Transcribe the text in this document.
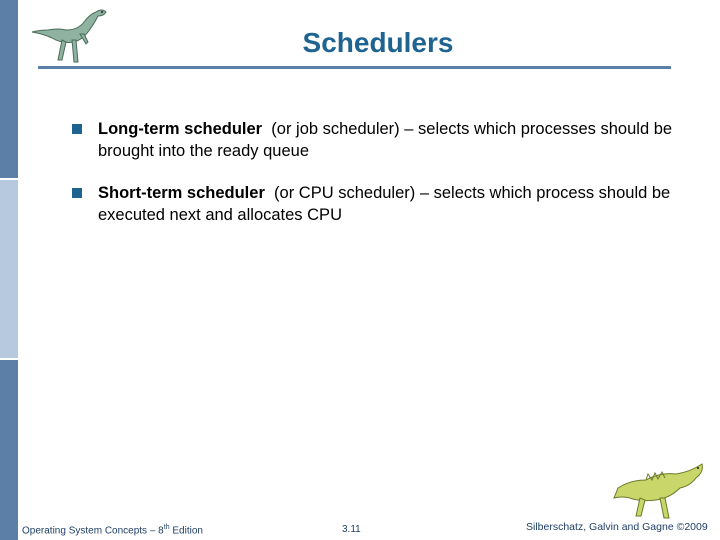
Schedulers
Long-term scheduler (or job scheduler) – selects which processes should be brought into the ready queue
Short-term scheduler (or CPU scheduler) – selects which process should be executed next and allocates CPU
Operating System Concepts – 8th Edition	3.11	Silberschatz, Galvin and Gagne ©2009
